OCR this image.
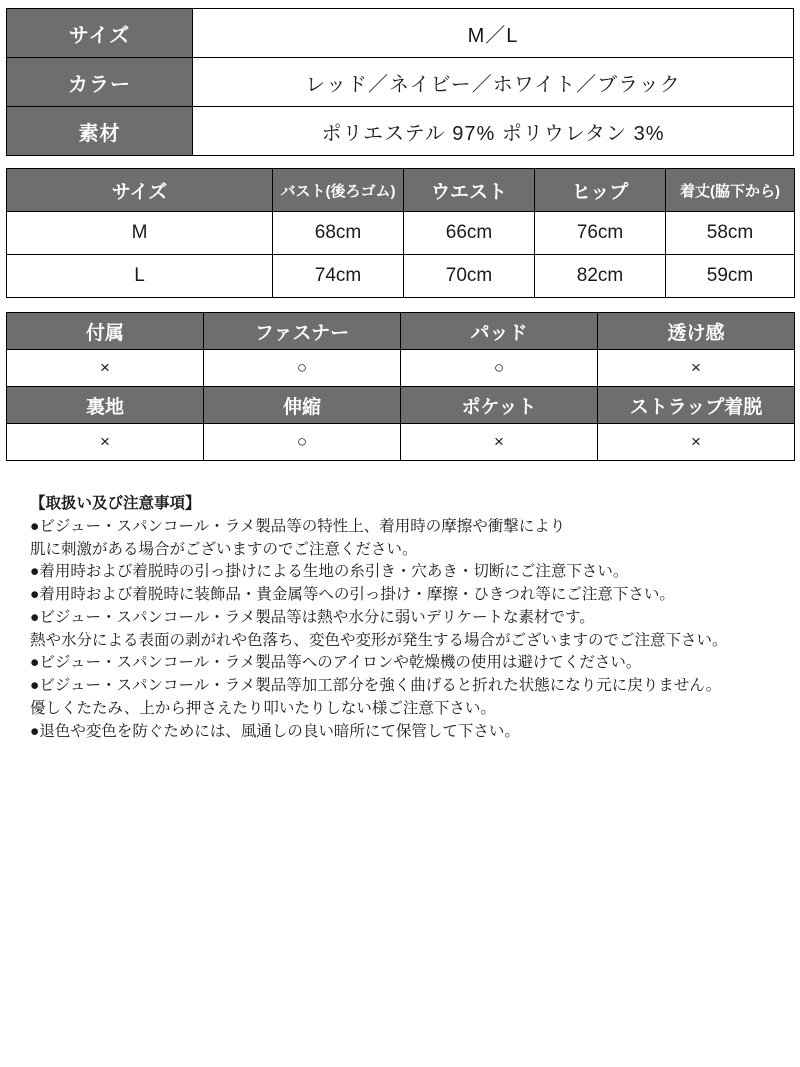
サイズ	M／L
カラー	レッド／ネイビー／ホワイト／ブラック
素材	ポリエステル 97% ポリウレタン 3%
サイズ	バスト(後ろゴム)	ウエスト	ヒップ	着丈(脇下から)
M	68cm	66cm	76cm	58cm
L	74cm	70cm	82cm	59cm
付属	ファスナー	パッド	透け感
×	○	○	×
裏地	伸縮	ポケット	ストラップ着脱
×	○	×	×
【取扱い及び注意事項】
●ビジュー・スパンコール・ラメ製品等の特性上、着用時の摩擦や衝撃により
肌に刺激がある場合がございますのでご注意ください。
●着用時および着脱時の引っ掛けによる生地の糸引き・穴あき・切断にご注意下さい。
●着用時および着脱時に装飾品・貴金属等への引っ掛け・摩擦・ひきつれ等にご注意下さい。
●ビジュー・スパンコール・ラメ製品等は熱や水分に弱いデリケートな素材です。
熱や水分による表面の剥がれや色落ち、変色や変形が発生する場合がございますのでご注意下さい。
●ビジュー・スパンコール・ラメ製品等へのアイロンや乾燥機の使用は避けてください。
●ビジュー・スパンコール・ラメ製品等加工部分を強く曲げると折れた状態になり元に戻りません。
優しくたたみ、上から押さえたり叩いたりしない様ご注意下さい。
●退色や変色を防ぐためには、風通しの良い暗所にて保管して下さい。
